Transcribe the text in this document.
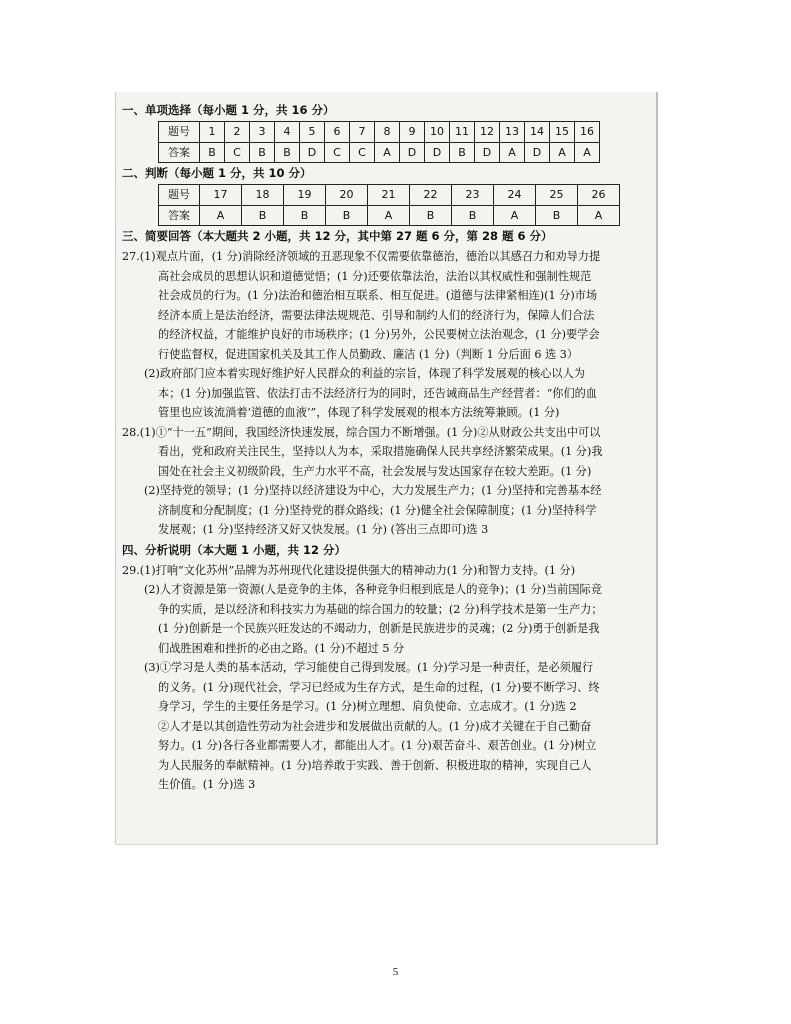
一、单项选择（每小题 1 分，共 16 分）
题号	1	2	3	4	5	6	7	8	9	10	11	12	13	14	15	16
答案	B	C	B	B	D	C	C	A	D	D	B	D	A	D	A	A
二、判断（每小题 1 分，共 10 分）
题号	17	18	19	20	21	22	23	24	25	26
答案	A	B	B	B	A	B	B	A	B	A
三、简要回答（本大题共 2 小题，共 12 分，其中第 27 题 6 分，第 28 题 6 分）

27.(1)观点片面，(1 分)消除经济领域的丑恶现象不仅需要依靠德治，德治以其感召力和劝导力提

高社会成员的思想认识和道德觉悟；(1 分)还要依靠法治，法治以其权威性和强制性规范

社会成员的行为。(1 分)法治和德治相互联系、相互促进。(道德与法律紧相连)(1 分)市场

经济本质上是法治经济，需要法律法规规范、引导和制约人们的经济行为，保障人们合法

的经济权益，才能维护良好的市场秩序；(1 分)另外，公民要树立法治观念，(1 分)要学会

行使监督权，促进国家机关及其工作人员勤政、廉洁 (1 分)（判断 1 分后面 6 选 3）

(2)政府部门应本着实现好维护好人民群众的利益的宗旨，体现了科学发展观的核心以人为

本；(1 分)加强监管、依法打击不法经济行为的同时，还告诫商品生产经营者：“你们的血

管里也应该流淌着‘道德的血液’”，体现了科学发展观的根本方法统筹兼顾。(1 分)

28.(1)①“十一五”期间，我国经济快速发展，综合国力不断增强。(1 分)②从财政公共支出中可以

看出，党和政府关注民生，坚持以人为本，采取措施确保人民共享经济繁荣成果。(1 分)我

国处在社会主义初级阶段，生产力水平不高，社会发展与发达国家存在较大差距。(1 分)

(2)坚持党的领导；(1 分)坚持以经济建设为中心，大力发展生产力；(1 分)坚持和完善基本经

济制度和分配制度；(1 分)坚持党的群众路线；(1 分)健全社会保障制度；(1 分)坚持科学

发展观；(1 分)坚持经济又好又快发展。(1 分) (答出三点即可)选 3

四、分析说明（本大题 1 小题，共 12 分）

29.(1)打响“文化苏州”品牌为苏州现代化建设提供强大的精神动力(1 分)和智力支持。(1 分)

(2)人才资源是第一资源(人是竞争的主体，各种竞争归根到底是人的竞争)；(1 分)当前国际竞

争的实质，是以经济和科技实力为基础的综合国力的较量；(2 分)科学技术是第一生产力；

(1 分)创新是一个民族兴旺发达的不竭动力，创新是民族进步的灵魂；(2 分)勇于创新是我

们战胜困难和挫折的必由之路。(1 分)不超过 5 分

(3)①学习是人类的基本活动，学习能使自己得到发展。(1 分)学习是一种责任，是必须履行

的义务。(1 分)现代社会，学习已经成为生存方式，是生命的过程，(1 分)要不断学习、终

身学习，学生的主要任务是学习。(1 分)树立理想、肩负使命、立志成才。(1 分)选 2

②人才是以其创造性劳动为社会进步和发展做出贡献的人。(1 分)成才关键在于自己勤奋

努力。(1 分)各行各业都需要人才，都能出人才。(1 分)艰苦奋斗、艰苦创业。(1 分)树立

为人民服务的奉献精神。(1 分)培养敢于实践、善于创新、积极进取的精神，实现自己人

生价值。(1 分)选 3

5
